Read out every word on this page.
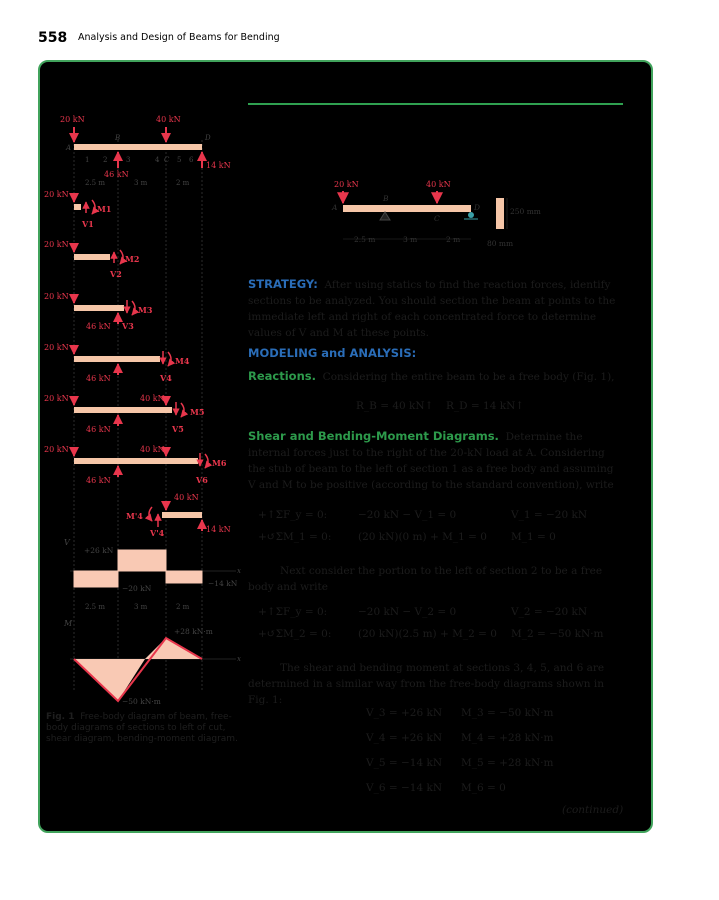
558 Analysis and Design of Beams for Bending
20 kN	40 kN
A
B
C
D
2.5 m	3 m	2 m
250 mm
80 mm
20 kN	40 kN
46 kN
14 kN
A
B
C
D
1 2	3	4	5 6
2.5 m	3 m	2 m
20 kN
M1
V1
20 kN
M2
V2
20 kN
46 kN
M3
V3
20 kN
46 kN
M4
V4
20 kN	40 kN
46 kN
M5
V5
20 kN	40 kN
46 kN
M6
V6
40 kN
14 kN
M'4
V'4
V
x
+26 kN
−20 kN
−14 kN
2.5 m	3 m	2 m
M
x
+28 kN·m
−50 kN·m
Fig. 1 Free-body diagram of beam, free-body diagrams of sections to left of cut, shear diagram, bending-moment diagram.
STRATEGY: After using statics to find the reaction forces, identify sections to be analyzed. You should section the beam at points to the immediate left and right of each concentrated force to determine values of V and M at these points.
MODELING and ANALYSIS:
Reactions. Considering the entire beam to be a free body (Fig. 1),
R_B = 40 kN↑ R_D = 14 kN↑
Shear and Bending-Moment Diagrams. Determine the internal forces just to the right of the 20-kN load at A. Considering the stub of beam to the left of section 1 as a free body and assuming V and M to be positive (according to the standard convention), write
+↑ΣF_y = 0:	−20 kN − V_1 = 0	V_1 = −20 kN
+↺ΣM_1 = 0:	(20 kN)(0 m) + M_1 = 0 M_1 = 0
Next consider the portion to the left of section 2 to be a free body and write
+↑ΣF_y = 0:	−20 kN − V_2 = 0	V_2 = −20 kN
+↺ΣM_2 = 0:	(20 kN)(2.5 m) + M_2 = 0 M_2 = −50 kN·m
The shear and bending moment at sections 3, 4, 5, and 6 are determined in a similar way from the free-body diagrams shown in Fig. 1:
V_3 = +26 kN M_3 = −50 kN·m
V_4 = +26 kN M_4 = +28 kN·m
V_5 = −14 kN M_5 = +28 kN·m
V_6 = −14 kN M_6 = 0
(continued)
